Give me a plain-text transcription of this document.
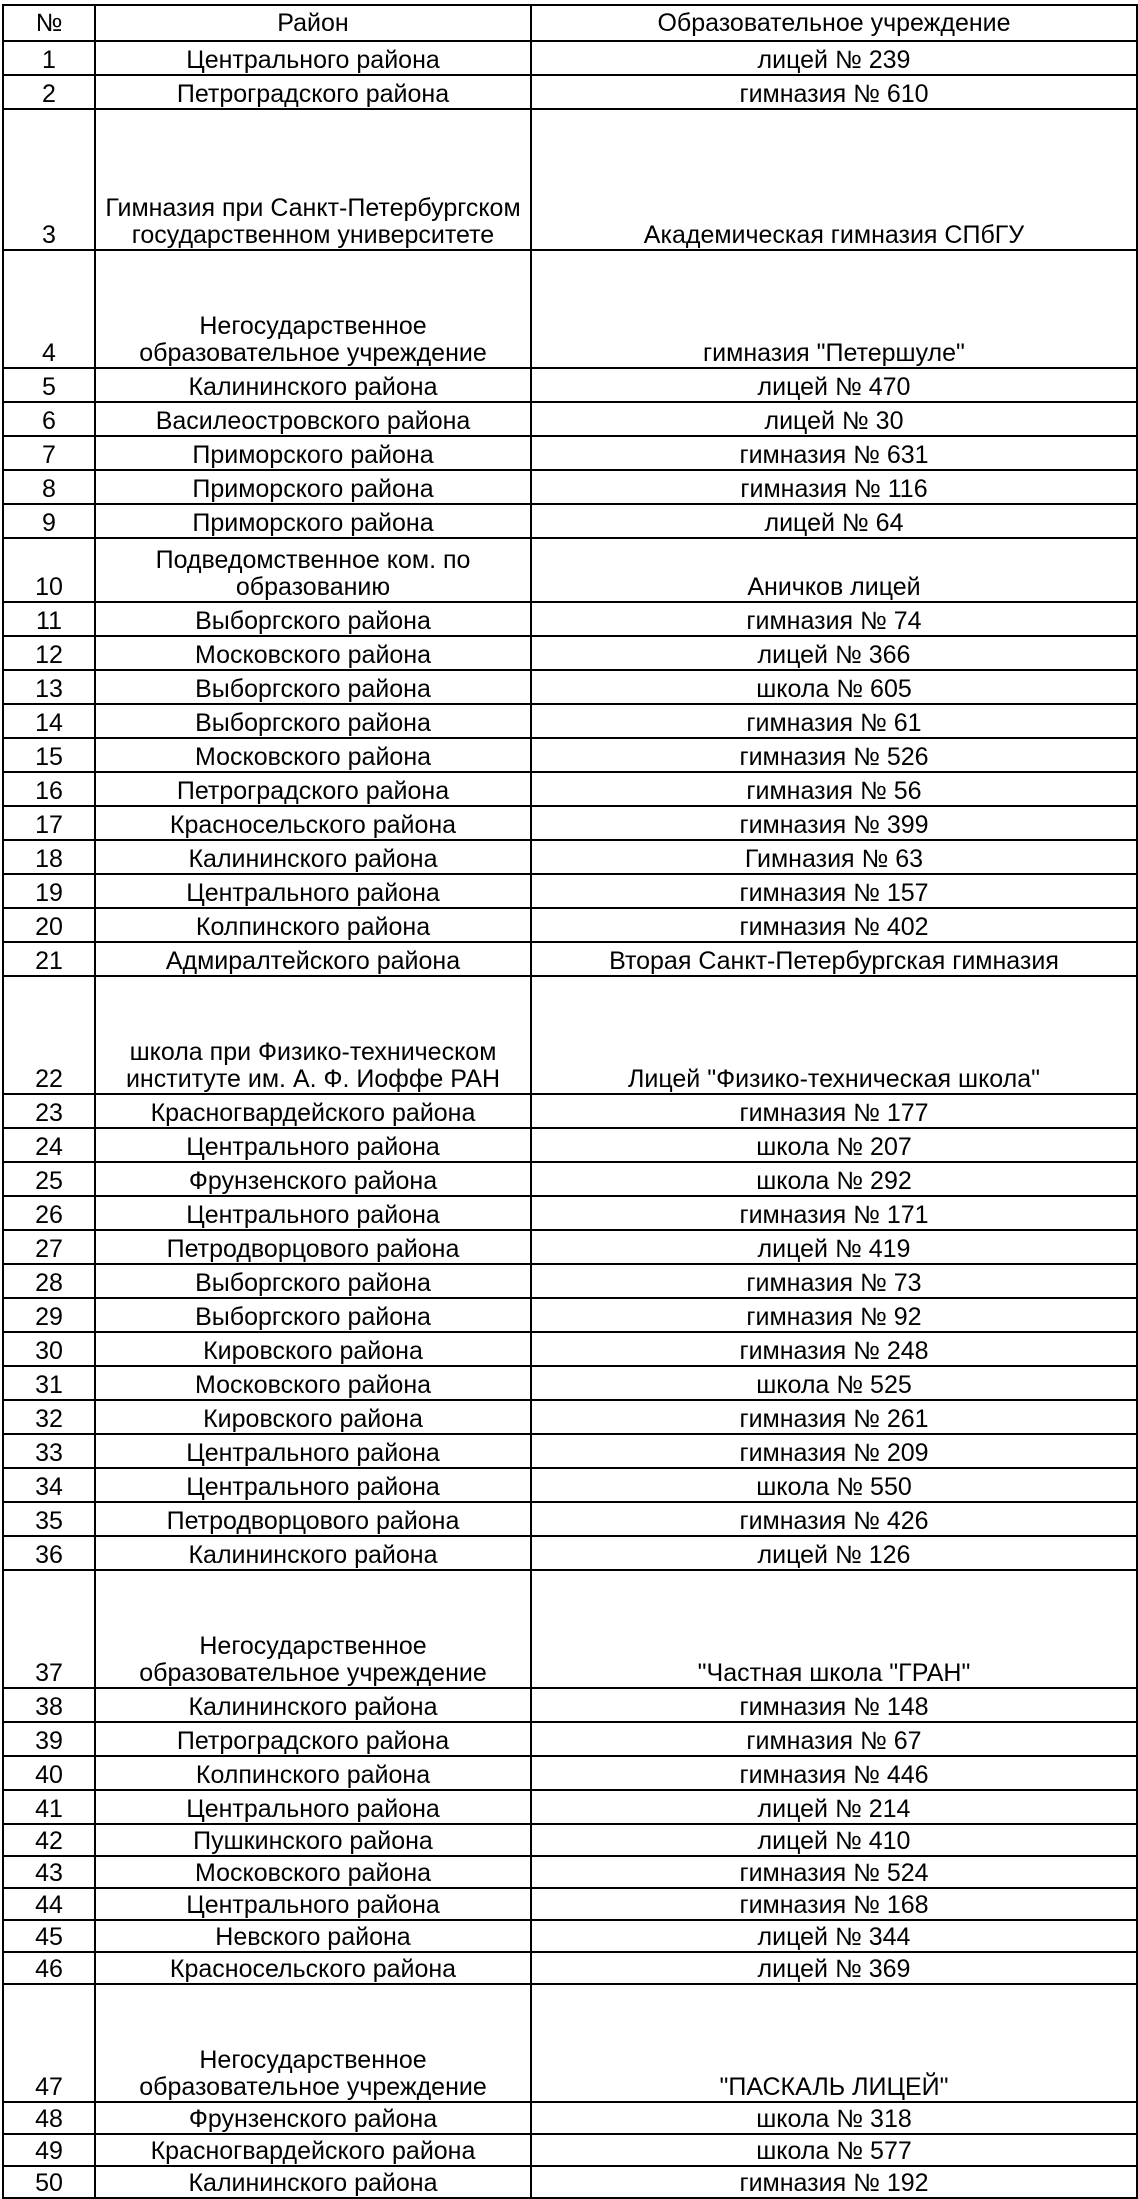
№	Район	Образовательное учреждение
1	Центрального района	лицей № 239
2	Петроградского района	гимназия № 610
3	Гимназия при Санкт-Петербургском государственном университете	Академическая гимназия СПбГУ
4	Негосударственное образовательное учреждение	гимназия "Петершуле"
5	Калининского района	лицей № 470
6	Василеостровского района	лицей № 30
7	Приморского района	гимназия № 631
8	Приморского района	гимназия № 116
9	Приморского района	лицей № 64
10	Подведомственное ком. по образованию	Аничков лицей
11	Выборгского района	гимназия № 74
12	Московского района	лицей № 366
13	Выборгского района	школа № 605
14	Выборгского района	гимназия № 61
15	Московского района	гимназия № 526
16	Петроградского района	гимназия № 56
17	Красносельского района	гимназия № 399
18	Калининского района	Гимназия № 63
19	Центрального района	гимназия № 157
20	Колпинского района	гимназия № 402
21	Адмиралтейского района	Вторая Санкт-Петербургская гимназия
22	школа при Физико-техническом институте им. А. Ф. Иоффе РАН	Лицей "Физико-техническая школа"
23	Красногвардейского района	гимназия № 177
24	Центрального района	школа № 207
25	Фрунзенского района	школа № 292
26	Центрального района	гимназия № 171
27	Петродворцового района	лицей № 419
28	Выборгского района	гимназия № 73
29	Выборгского района	гимназия № 92
30	Кировского района	гимназия № 248
31	Московского района	школа № 525
32	Кировского района	гимназия № 261
33	Центрального района	гимназия № 209
34	Центрального района	школа № 550
35	Петродворцового района	гимназия № 426
36	Калининского района	лицей № 126
37	Негосударственное образовательное учреждение	"Частная школа "ГРАН"
38	Калининского района	гимназия № 148
39	Петроградского района	гимназия № 67
40	Колпинского района	гимназия № 446
41	Центрального района	лицей № 214
42	Пушкинского района	лицей № 410
43	Московского района	гимназия № 524
44	Центрального района	гимназия № 168
45	Невского района	лицей № 344
46	Красносельского района	лицей № 369
47	Негосударственное образовательное учреждение	"ПАСКАЛЬ ЛИЦЕЙ"
48	Фрунзенского района	школа № 318
49	Красногвардейского района	школа № 577
50	Калининского района	гимназия № 192
